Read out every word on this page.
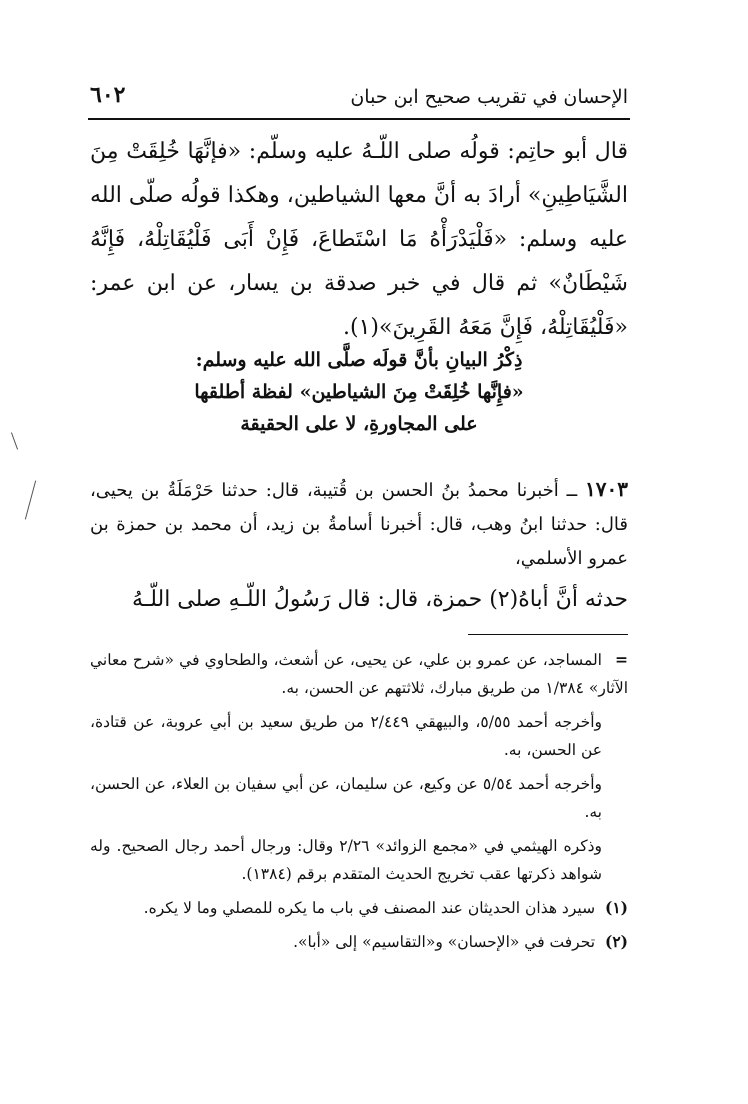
الإحسان في تقريب صحيح ابن حبان
٦٠٢

قال أبو حاتِم: قولُه صلى اللّـهُ عليه وسلّم: «فإنَّهَا خُلِقَتْ مِنَ الشَّيَاطِينِ» أرادَ به أنَّ معها الشياطين، وهكذا قولُه صلّى الله عليه وسلم: «فَلْيَدْرَأْهُ مَا اسْتَطاعَ، فَإِنْ أَبَى فَلْيُقَاتِلْهُ، فَإِنَّهُ شَيْطَانٌ» ثم قال في خبر صدقة بن يسار، عن ابن عمر: «فَلْيُقَاتِلْهُ، فَإِنَّ مَعَهُ القَرِينَ»(١).

ذِكْرُ البيانِ بأنَّ قولَه صلَّى الله عليه وسلم:
«فإِنَّها خُلِقَتْ مِنَ الشياطين» لفظة أطلقها
على المجاورةِ، لا على الحقيقة

١٧٠٣ ــ أخبرنا محمدُ بنُ الحسن بن قُتيبة، قال: حدثنا حَرْمَلَةُ بن يحيى، قال: حدثنا ابنُ وهب، قال: أخبرنا أسامةُ بن زيد، أن محمد بن حمزة بن عمرو الأسلمي،

حدثه أنَّ أباهُ(٢) حمزة، قال: قال رَسُولُ اللّـهِ صلى اللّـهُ

=المساجد، عن عمرو بن علي، عن يحيى، عن أشعث، والطحاوي في «شرح معاني الآثار» ١/٣٨٤ من طريق مبارك، ثلاثتهم عن الحسن، به.

وأخرجه أحمد ٥/٥٥، والبيهقي ٢/٤٤٩ من طريق سعيد بن أبي عروبة، عن قتادة، عن الحسن، به.

وأخرجه أحمد ٥/٥٤ عن وكيع، عن سليمان، عن أبي سفيان بن العلاء، عن الحسن، به.

وذكره الهيثمي في «مجمع الزوائد» ٢/٢٦ وقال: ورجال أحمد رجال الصحيح. وله شواهد ذكرتها عقب تخريج الحديث المتقدم برقم (١٣٨٤).

(١) سيرد هذان الحديثان عند المصنف في باب ما يكره للمصلي وما لا يكره.

(٢) تحرفت في «الإحسان» و«التقاسيم» إلى «أبا».
